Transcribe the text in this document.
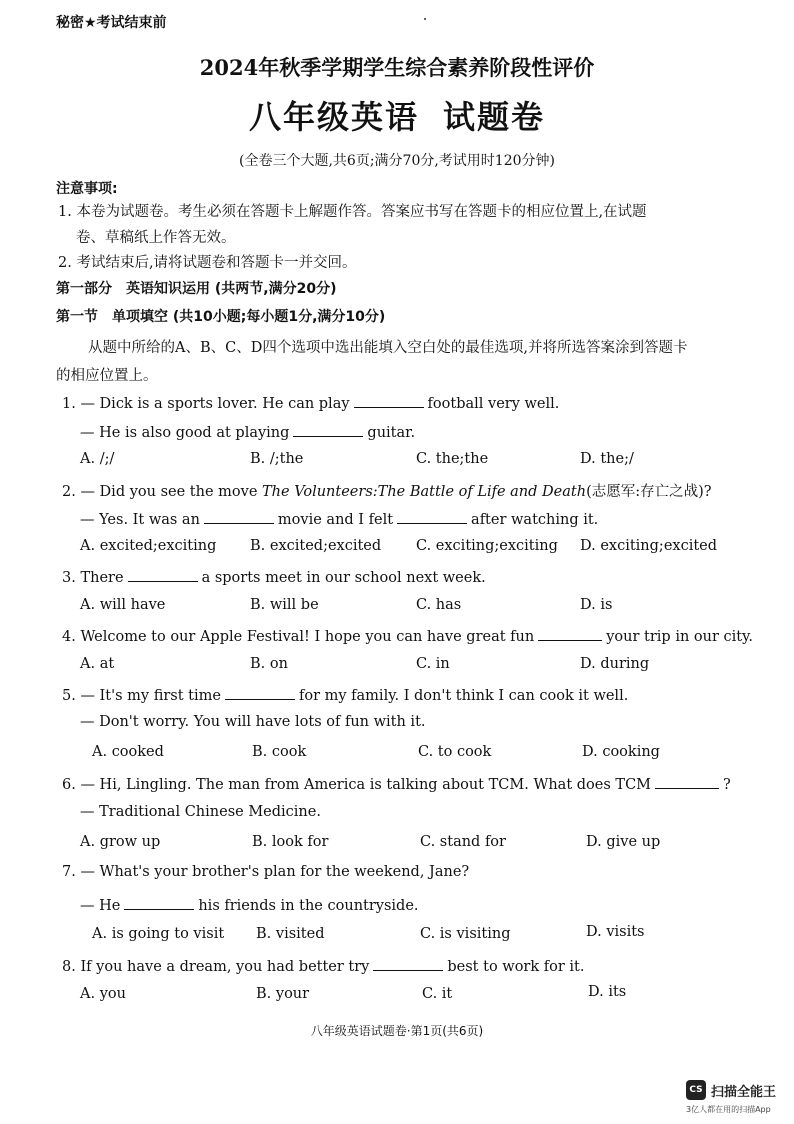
秘密★考试结束前
2024年秋季学期学生综合素养阶段性评价
八年级英语 试题卷
(全卷三个大题,共6页;满分70分,考试用时120分钟)
注意事项:
1. 本卷为试题卷。考生必须在答题卡上解题作答。答案应书写在答题卡的相应位置上,在试题
卷、草稿纸上作答无效。
2. 考试结束后,请将试题卷和答题卡一并交回。
第一部分　英语知识运用 (共两节,满分20分)
第一节　单项填空 (共10小题;每小题1分,满分10分)
从题中所给的A、B、C、D四个选项中选出能填入空白处的最佳选项,并将所选答案涂到答题卡
的相应位置上。
1. — Dick is a sports lover. He can play	football very well.
— He is also good at playing	guitar.
A. /;/	B. /;the	C. the;the	D. the;/
2. — Did you see the move The Volunteers:The Battle of Life and Death(志愿军:存亡之战)?
— Yes. It was an	movie and I felt	after watching it.
A. excited;exciting B. excited;excited C. exciting;exciting D. exciting;excited
3. There	a sports meet in our school next week.
A. will have	B. will be	C. has	D. is
4. Welcome to our Apple Festival! I hope you can have great fun	your trip in our city.
A. at	B. on	C. in	D. during
5. — It's my first time	for my family. I don't think I can cook it well.
— Don't worry. You will have lots of fun with it.
A. cooked	B. cook	C. to cook	D. cooking
6. — Hi, Lingling. The man from America is talking about TCM. What does TCM	?
— Traditional Chinese Medicine.
A. grow up	B. look for	C. stand for	D. give up
7. — What's your brother's plan for the weekend, Jane?
— He	his friends in the countryside.
A. is going to visit B. visited	C. is visiting	D. visits
8. If you have a dream, you had better try	best to work for it.
A. you	B. your	C. it	D. its
八年级英语试题卷·第1页(共6页)
CS 扫描全能王
3亿人都在用的扫描App
